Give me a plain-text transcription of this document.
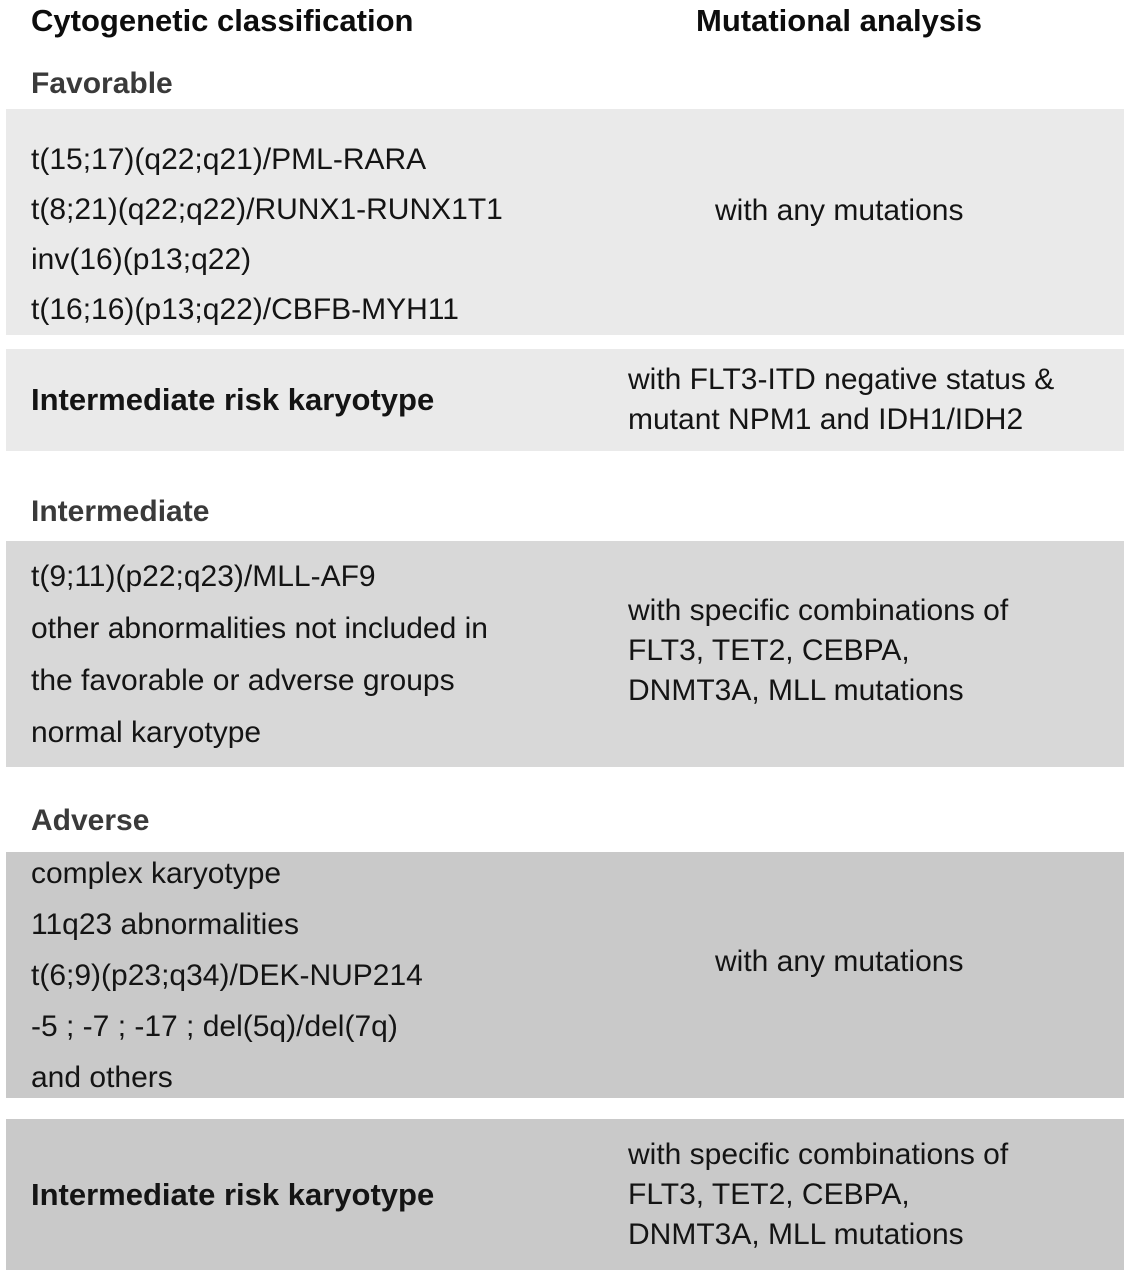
Cytogenetic classification	Mutational analysis
Favorable
t(15;17)(q22;q21)/PML-RARA
t(8;21)(q22;q22)/RUNX1-RUNX1T1
inv(16)(p13;q22)
t(16;16)(p13;q22)/CBFB-MYH11
with any mutations
Intermediate risk karyotype
with FLT3-ITD negative status &
mutant NPM1 and IDH1/IDH2
Intermediate
t(9;11)(p22;q23)/MLL-AF9
other abnormalities not included in
the favorable or adverse groups
normal karyotype
with specific combinations of
FLT3, TET2, CEBPA,
DNMT3A, MLL mutations
Adverse
complex karyotype
11q23 abnormalities
t(6;9)(p23;q34)/DEK-NUP214
-5 ; -7 ; -17 ; del(5q)/del(7q)
and others
with any mutations
Intermediate risk karyotype
with specific combinations of
FLT3, TET2, CEBPA,
DNMT3A, MLL mutations
